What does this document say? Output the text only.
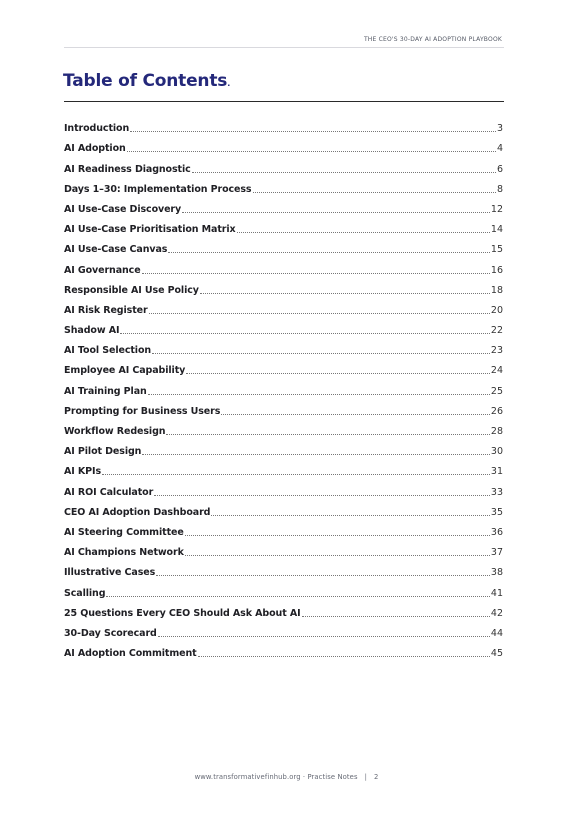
THE CEO'S 30-DAY AI ADOPTION PLAYBOOK
Table of Contents.
Introduction	3
AI Adoption	4
AI Readiness Diagnostic	6
Days 1–30: Implementation Process	8
AI Use-Case Discovery	12
AI Use-Case Prioritisation Matrix	14
AI Use-Case Canvas	15
AI Governance	16
Responsible AI Use Policy	18
AI Risk Register	20
Shadow AI	22
AI Tool Selection	23
Employee AI Capability	24
AI Training Plan	25
Prompting for Business Users	26
Workflow Redesign	28
AI Pilot Design	30
AI KPIs	31
AI ROI Calculator	33
CEO AI Adoption Dashboard	35
AI Steering Committee	36
AI Champions Network	37
Illustrative Cases	38
Scalling	41
25 Questions Every CEO Should Ask About AI	42
30-Day Scorecard	44
AI Adoption Commitment	45
www.transformativefinhub.org · Practise Notes | 2
